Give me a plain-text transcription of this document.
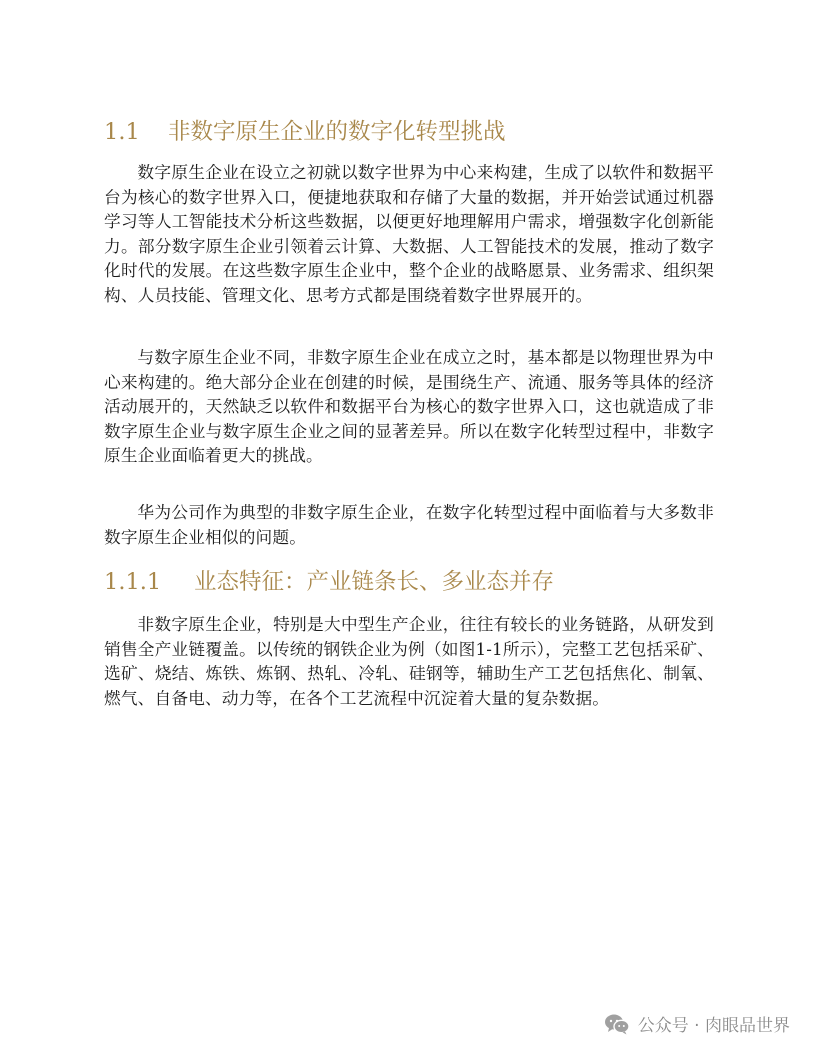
1.1 非数字原生企业的数字化转型挑战

数字原生企业在设立之初就以数字世界为中心来构建，生成了以软件和数据平台为核心的数字世界入口，便捷地获取和存储了大量的数据，并开始尝试通过机器学习等人工智能技术分析这些数据，以便更好地理解用户需求，增强数字化创新能力。部分数字原生企业引领着云计算、大数据、人工智能技术的发展，推动了数字化时代的发展。在这些数字原生企业中，整个企业的战略愿景、业务需求、组织架构、人员技能、管理文化、思考方式都是围绕着数字世界展开的。

与数字原生企业不同，非数字原生企业在成立之时，基本都是以物理世界为中心来构建的。绝大部分企业在创建的时候，是围绕生产、流通、服务等具体的经济活动展开的，天然缺乏以软件和数据平台为核心的数字世界入口，这也就造成了非数字原生企业与数字原生企业之间的显著差异。所以在数字化转型过程中，非数字原生企业面临着更大的挑战。

华为公司作为典型的非数字原生企业，在数字化转型过程中面临着与大多数非数字原生企业相似的问题。

1.1.1 业态特征：产业链条长、多业态并存

非数字原生企业，特别是大中型生产企业，往往有较长的业务链路，从研发到销售全产业链覆盖。以传统的钢铁企业为例（如图1-1所示），完整工艺包括采矿、选矿、烧结、炼铁、炼钢、热轧、冷轧、硅钢等，辅助生产工艺包括焦化、制氧、燃气、自备电、动力等，在各个工艺流程中沉淀着大量的复杂数据。

公众号 · 肉眼品世界
